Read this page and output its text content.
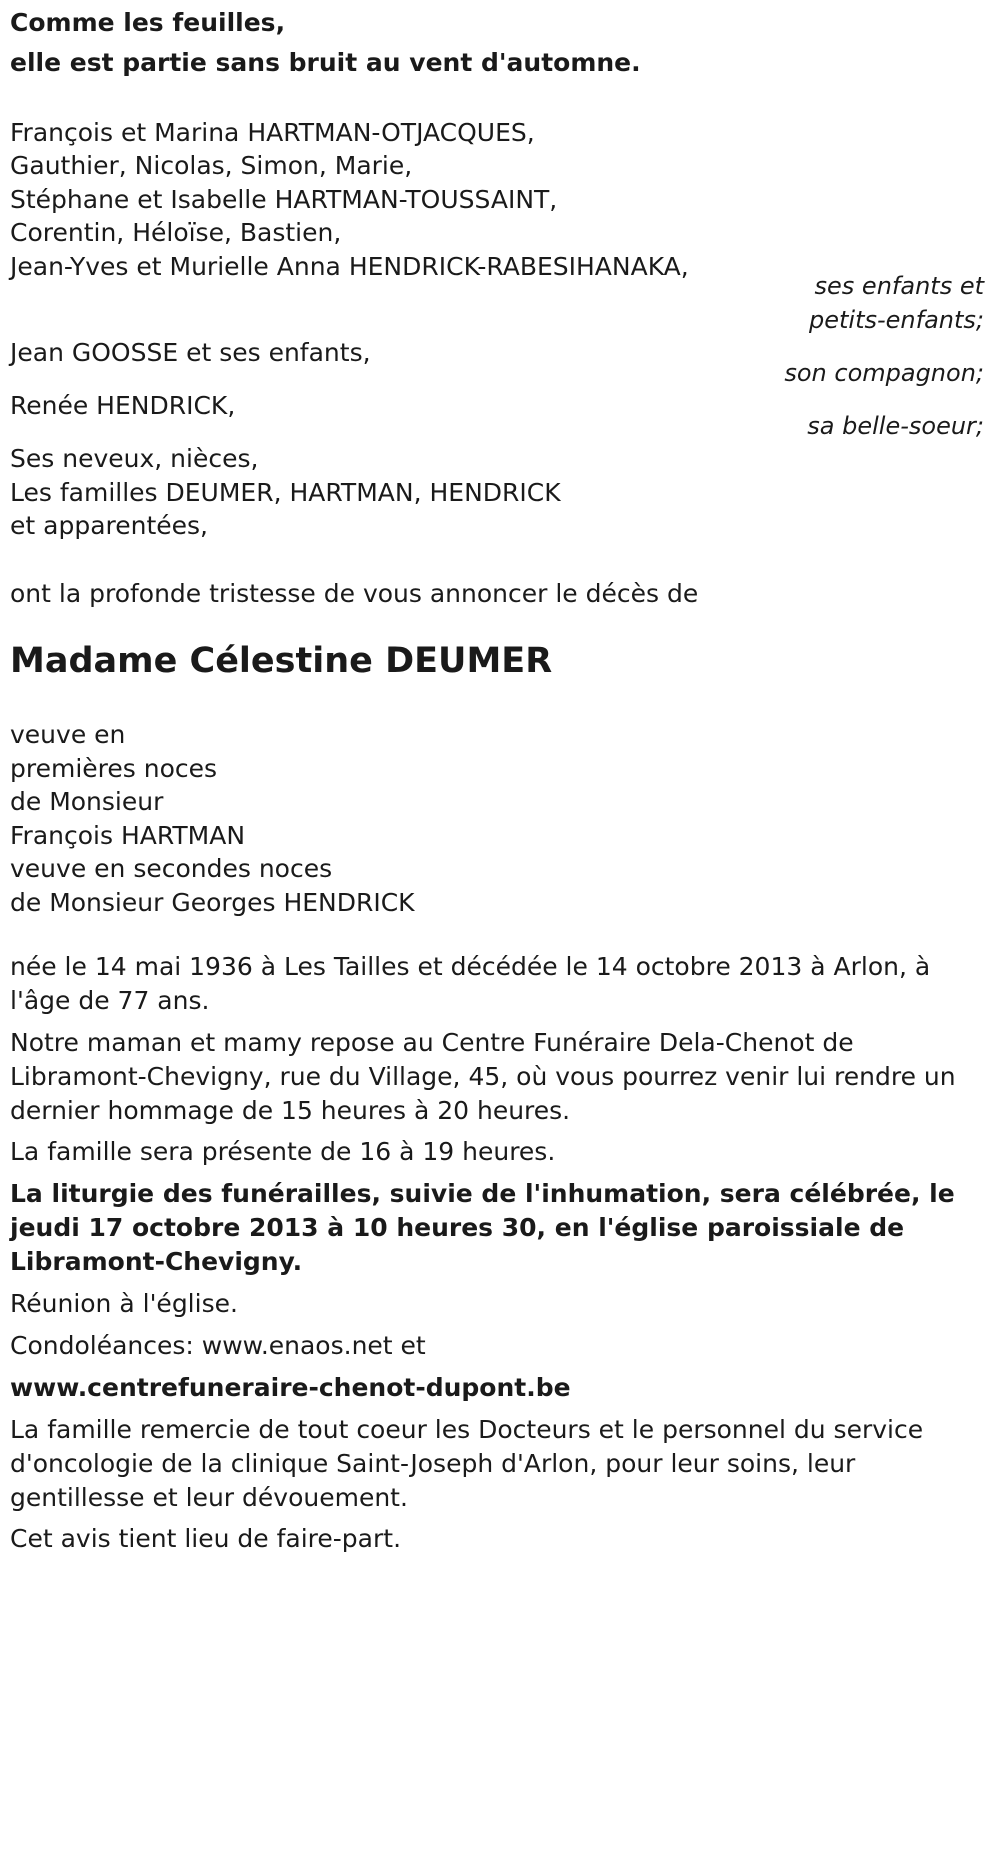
Comme les feuilles,
elle est partie sans bruit au vent d'automne.
François et Marina HARTMAN-OTJACQUES,
Gauthier, Nicolas, Simon, Marie,
Stéphane et Isabelle HARTMAN-TOUSSAINT,
Corentin, Héloïse, Bastien,
Jean-Yves et Murielle Anna HENDRICK-RABESIHANAKA,
ses enfants et
petits-enfants;
Jean GOOSSE et ses enfants,
son compagnon;
Renée HENDRICK,
sa belle-soeur;
Ses neveux, nièces,
Les familles DEUMER, HARTMAN, HENDRICK
et apparentées,
ont la profonde tristesse de vous annoncer le décès de
Madame Célestine DEUMER
veuve en
premières noces
de Monsieur
François HARTMAN
veuve en secondes noces
de Monsieur Georges HENDRICK
née le 14 mai 1936 à Les Tailles et décédée le 14 octobre 2013 à Arlon, à l'âge de 77 ans.
Notre maman et mamy repose au Centre Funéraire Dela-Chenot de Libramont-Chevigny, rue du Village, 45, où vous pourrez venir lui rendre un dernier hommage de 15 heures à 20 heures.
La famille sera présente de 16 à 19 heures.
La liturgie des funérailles, suivie de l'inhumation, sera célébrée, le jeudi 17 octobre 2013 à 10 heures 30, en l'église paroissiale de Libramont-Chevigny.
Réunion à l'église.
Condoléances: www.enaos.net et
www.centrefuneraire-chenot-dupont.be
La famille remercie de tout coeur les Docteurs et le personnel du service d'oncologie de la clinique Saint-Joseph d'Arlon, pour leur soins, leur gentillesse et leur dévouement.
Cet avis tient lieu de faire-part.
